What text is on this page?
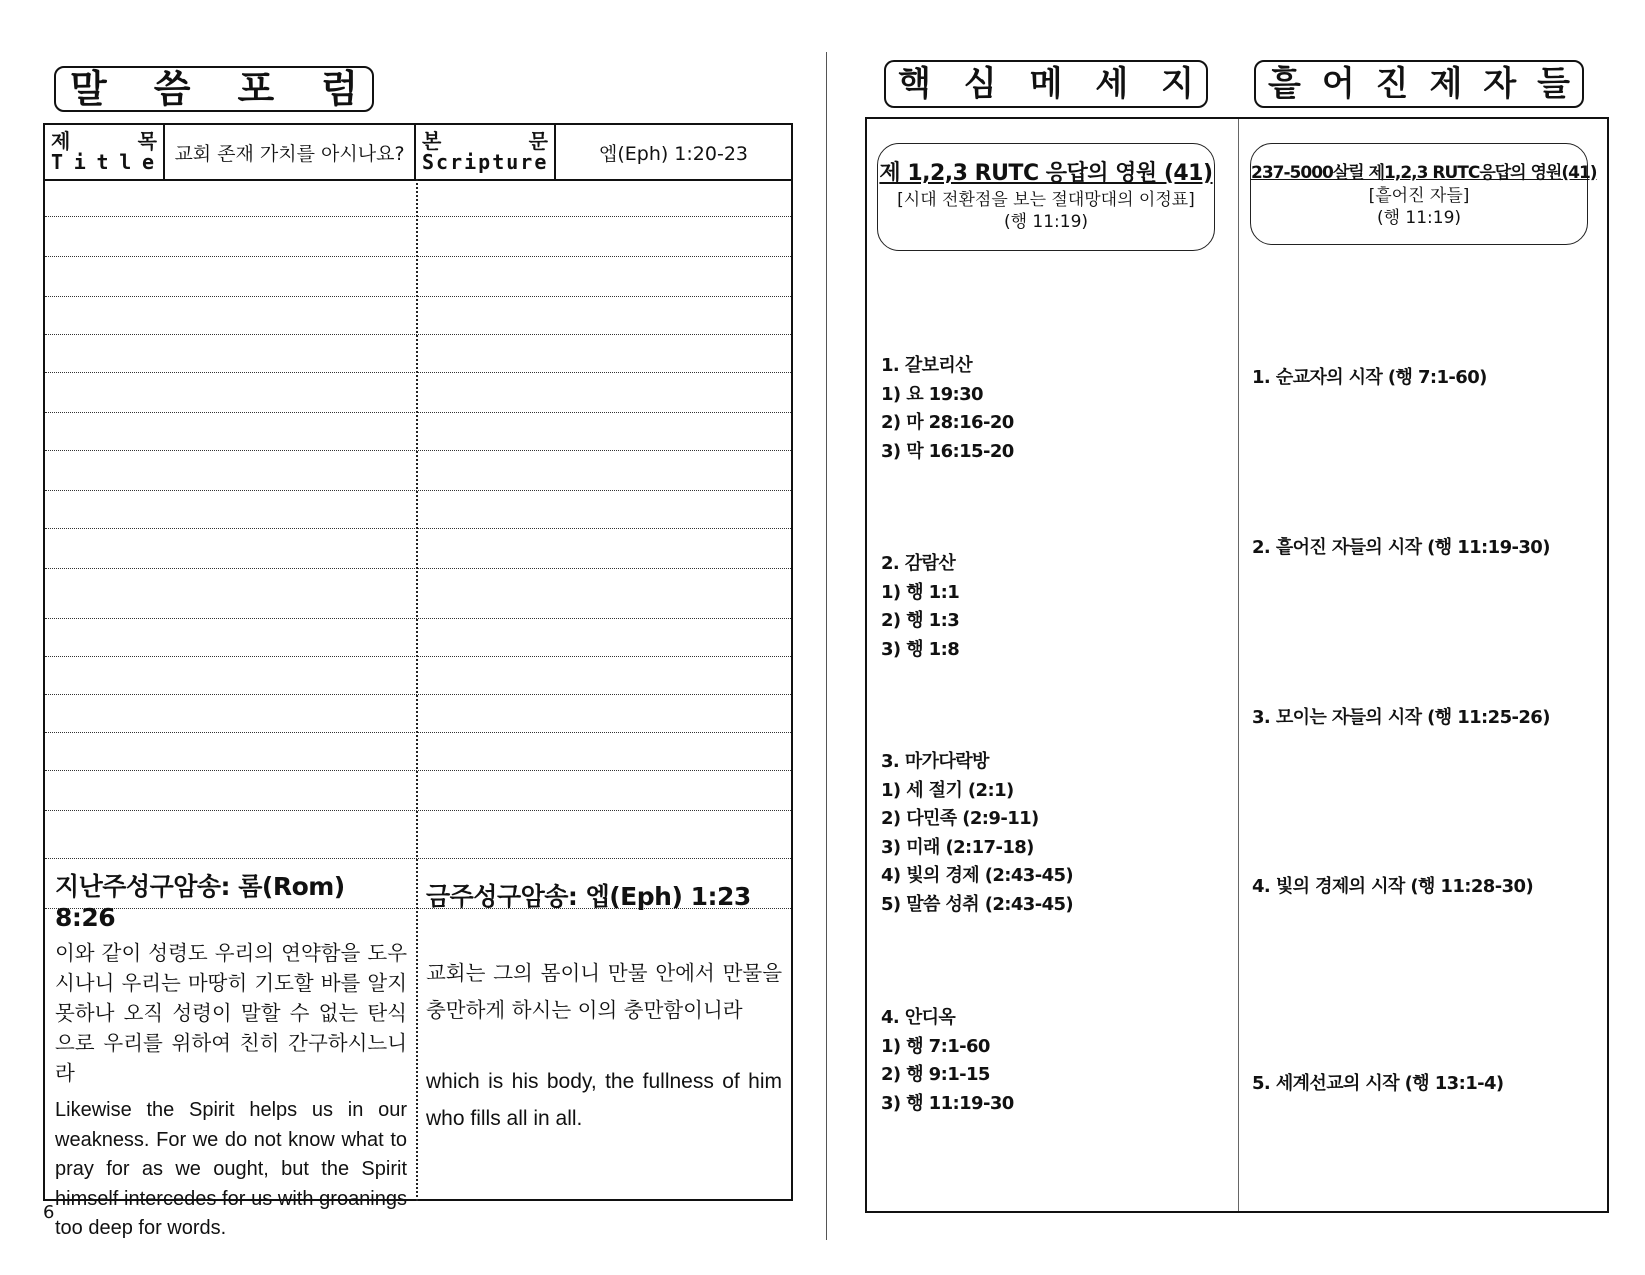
말 씀 포 럼
제	목
T i t l e 교회 존재 가치를 아시나요?
본	문
Scripture	엡(Eph) 1:20-23
지난주성구암송: 롬(Rom) 8:26

이와 같이 성령도 우리의 연약함을 도우시나니 우리는 마땅히 기도할 바를 알지 못하나 오직 성령이 말할 수 없는 탄식으로 우리를 위하여 친히 간구하시느니라

Likewise the Spirit helps us in our weakness. For we do not know what to pray for as we ought, but the Spirit himself intercedes for us with groanings too deep for words.

금주성구암송: 엡(Eph) 1:23

교회는 그의 몸이니 만물 안에서 만물을 충만하게 하시는 이의 충만함이니라

which is his body, the fullness of him who fills all in all.

6
핵 심 메 세 지 흩 어 진 제 자 들
제 1,2,3 RUTC 응답의 영원 (41)
[시대 전환점을 보는 절대망대의 이정표]
(행 11:19)
237-5000살릴 제1,2,3 RUTC응답의 영원(41)
[흩어진 자들]
(행 11:19)
1. 갈보리산
1) 요 19:30
2) 마 28:16-20
3) 막 16:15-20
2. 감람산
1) 행 1:1
2) 행 1:3
3) 행 1:8
3. 마가다락방
1) 세 절기 (2:1)
2) 다민족 (2:9-11)
3) 미래 (2:17-18)
4) 빛의 경제 (2:43-45)
5) 말씀 성취 (2:43-45)
4. 안디옥
1) 행 7:1-60
2) 행 9:1-15
3) 행 11:19-30
1. 순교자의 시작 (행 7:1-60)
2. 흩어진 자들의 시작 (행 11:19-30)
3. 모이는 자들의 시작 (행 11:25-26)
4. 빛의 경제의 시작 (행 11:28-30)
5. 세계선교의 시작 (행 13:1-4)
